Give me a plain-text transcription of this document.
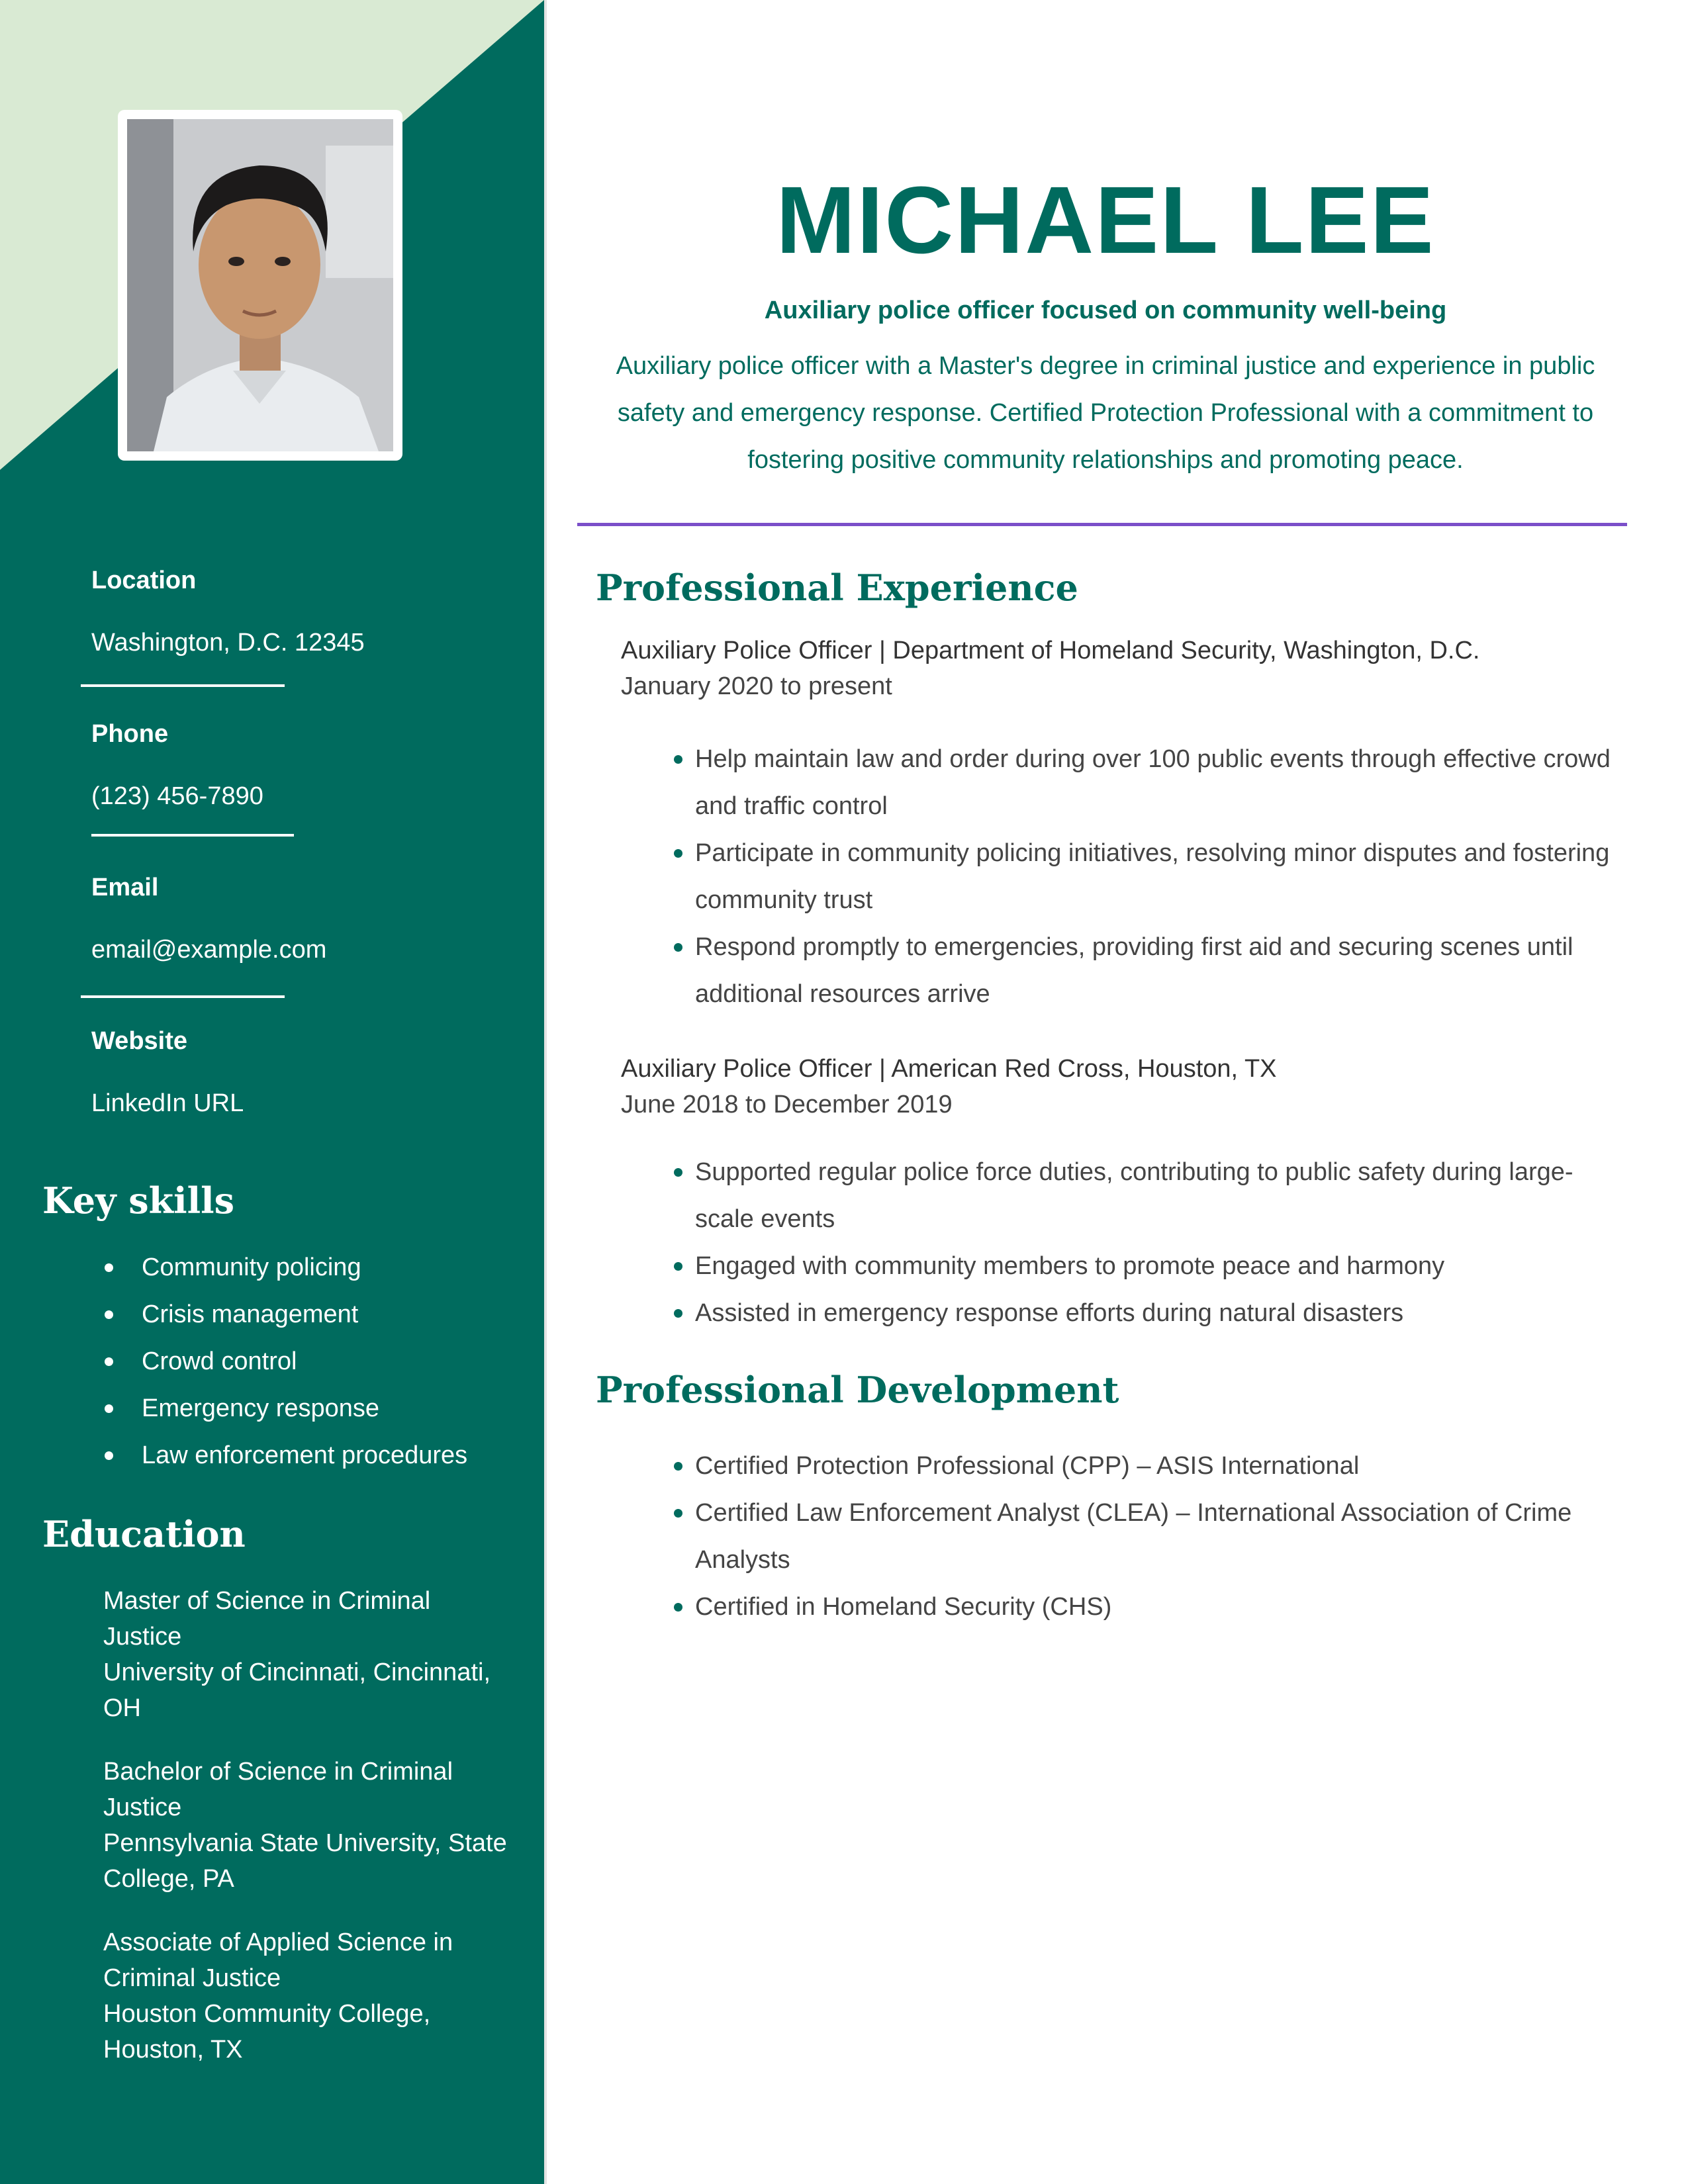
Location
Washington, D.C. 12345
Phone
(123) 456-7890
Email
email@example.com
Website
LinkedIn URL
Key skills
Community policing
Crisis management
Crowd control
Emergency response
Law enforcement procedures
Education
Master of Science in Criminal Justice
University of Cincinnati, Cincinnati, OH
Bachelor of Science in Criminal Justice
Pennsylvania State University, State College, PA
Associate of Applied Science in Criminal Justice
Houston Community College, Houston, TX
MICHAEL LEE
Auxiliary police officer focused on community well-being
Auxiliary police officer with a Master's degree in criminal justice and experience in public safety and emergency response. Certified Protection Professional with a commitment to fostering positive community relationships and promoting peace.
Professional Experience
Auxiliary Police Officer | Department of Homeland Security, Washington, D.C.
January 2020 to present
Help maintain law and order during over 100 public events through effective crowd and traffic control
Participate in community policing initiatives, resolving minor disputes and fostering community trust
Respond promptly to emergencies, providing first aid and securing scenes until additional resources arrive
Auxiliary Police Officer | American Red Cross, Houston, TX
June 2018 to December 2019
Supported regular police force duties, contributing to public safety during large-scale events
Engaged with community members to promote peace and harmony
Assisted in emergency response efforts during natural disasters
Professional Development
Certified Protection Professional (CPP) – ASIS International
Certified Law Enforcement Analyst (CLEA) – International Association of Crime Analysts
Certified in Homeland Security (CHS)
